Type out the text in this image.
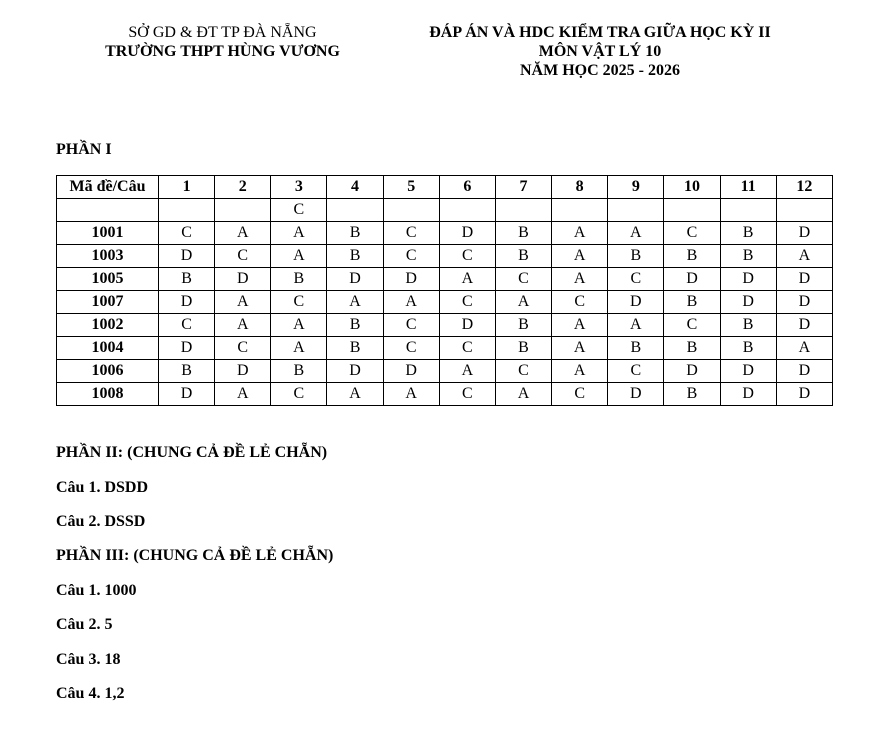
SỞ GD & ĐT TP ĐÀ NẴNG
TRƯỜNG THPT HÙNG VƯƠNG
ĐÁP ÁN VÀ HDC KIỂM TRA GIỮA HỌC KỲ II
MÔN VẬT LÝ 10
NĂM HỌC 2025 - 2026
PHẦN I
Mã đề/Câu	1	2	3	4	5	6	7	8	9	10	11	12
			C									
1001	C	A	A	B	C	D	B	A	A	C	B	D
1003	D	C	A	B	C	C	B	A	B	B	B	A
1005	B	D	B	D	D	A	C	A	C	D	D	D
1007	D	A	C	A	A	C	A	C	D	B	D	D
1002	C	A	A	B	C	D	B	A	A	C	B	D
1004	D	C	A	B	C	C	B	A	B	B	B	A
1006	B	D	B	D	D	A	C	A	C	D	D	D
1008	D	A	C	A	A	C	A	C	D	B	D	D
PHẦN II: (CHUNG CẢ ĐỀ LẺ CHẴN)
Câu 1. DSDD
Câu 2. DSSD
PHẦN III: (CHUNG CẢ ĐỀ LẺ CHẴN)
Câu 1. 1000
Câu 2. 5
Câu 3. 18
Câu 4. 1,2
